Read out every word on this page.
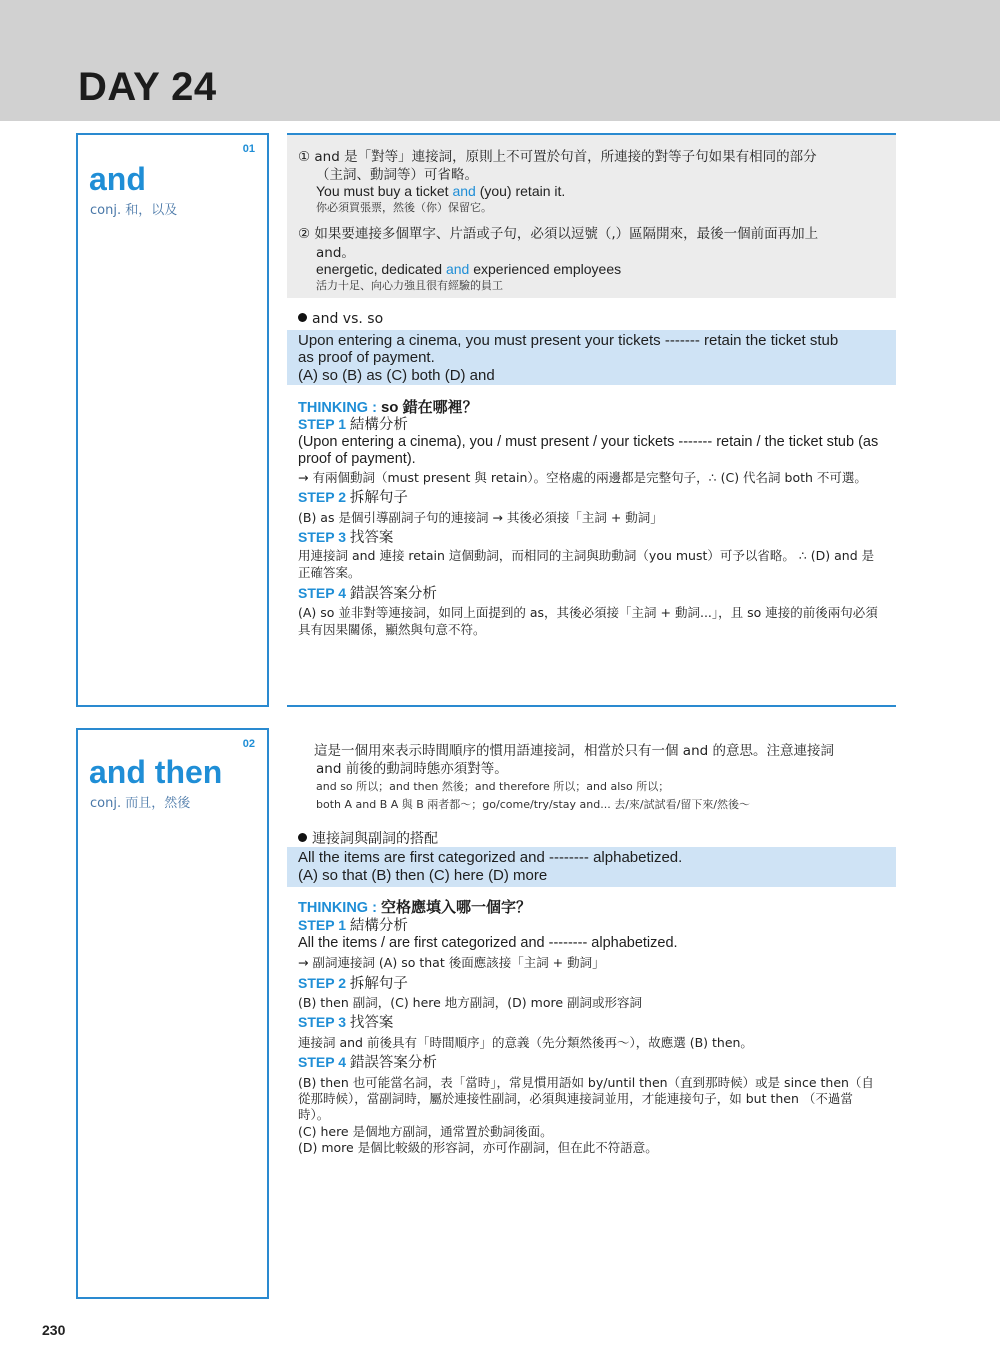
DAY 24
01
and
conj. 和，以及
① and 是「對等」連接詞，原則上不可置於句首，所連接的對等子句如果有相同的部分
（主詞、動詞等）可省略。
You must buy a ticket and (you) retain it.
你必須買張票，然後（你）保留它。
② 如果要連接多個單字、片語或子句，必須以逗號（,）區隔開來，最後一個前面再加上
and。
energetic, dedicated and experienced employees
活力十足、向心力強且很有經驗的員工
and vs. so
Upon entering a cinema, you must present your tickets ------- retain the ticket stub
as proof of payment.
(A) so (B) as (C) both (D) and
THINKING : so 錯在哪裡？
STEP 1 結構分析
(Upon entering a cinema), you / must present / your tickets ------- retain / the ticket stub (as
proof of payment).
→ 有兩個動詞（must present 與 retain）。空格處的兩邊都是完整句子，∴ (C) 代名詞 both 不可選。
STEP 2 拆解句子
(B) as 是個引導副詞子句的連接詞 → 其後必須接「主詞 + 動詞」
STEP 3 找答案
用連接詞 and 連接 retain 這個動詞，而相同的主詞與助動詞（you must）可予以省略。 ∴ (D) and 是
正確答案。
STEP 4 錯誤答案分析
(A) so 並非對等連接詞，如同上面提到的 as，其後必須接「主詞 + 動詞...」，且 so 連接的前後兩句必須
具有因果關係，顯然與句意不符。
02
and then
conj. 而且，然後
這是一個用來表示時間順序的慣用語連接詞，相當於只有一個 and 的意思。注意連接詞
and 前後的動詞時態亦須對等。
and so 所以；and then 然後；and therefore 所以；and also 所以；
both A and B A 與 B 兩者都～；go/come/try/stay and... 去/來/試試看/留下來/然後～
連接詞與副詞的搭配
All the items are first categorized and -------- alphabetized.
(A) so that (B) then (C) here (D) more
THINKING : 空格應填入哪一個字？
STEP 1 結構分析
All the items / are first categorized and -------- alphabetized.
→ 副詞連接詞 (A) so that 後面應該接「主詞 + 動詞」
STEP 2 拆解句子
(B) then 副詞，(C) here 地方副詞，(D) more 副詞或形容詞
STEP 3 找答案
連接詞 and 前後具有「時間順序」的意義（先分類然後再～），故應選 (B) then。
STEP 4 錯誤答案分析
(B) then 也可能當名詞，表「當時」，常見慣用語如 by/until then（直到那時候）或是 since then（自
從那時候），當副詞時，屬於連接性副詞，必須與連接詞並用，才能連接句子，如 but then （不過當
時）。
(C) here 是個地方副詞，通常置於動詞後面。
(D) more 是個比較級的形容詞，亦可作副詞，但在此不符語意。
230
